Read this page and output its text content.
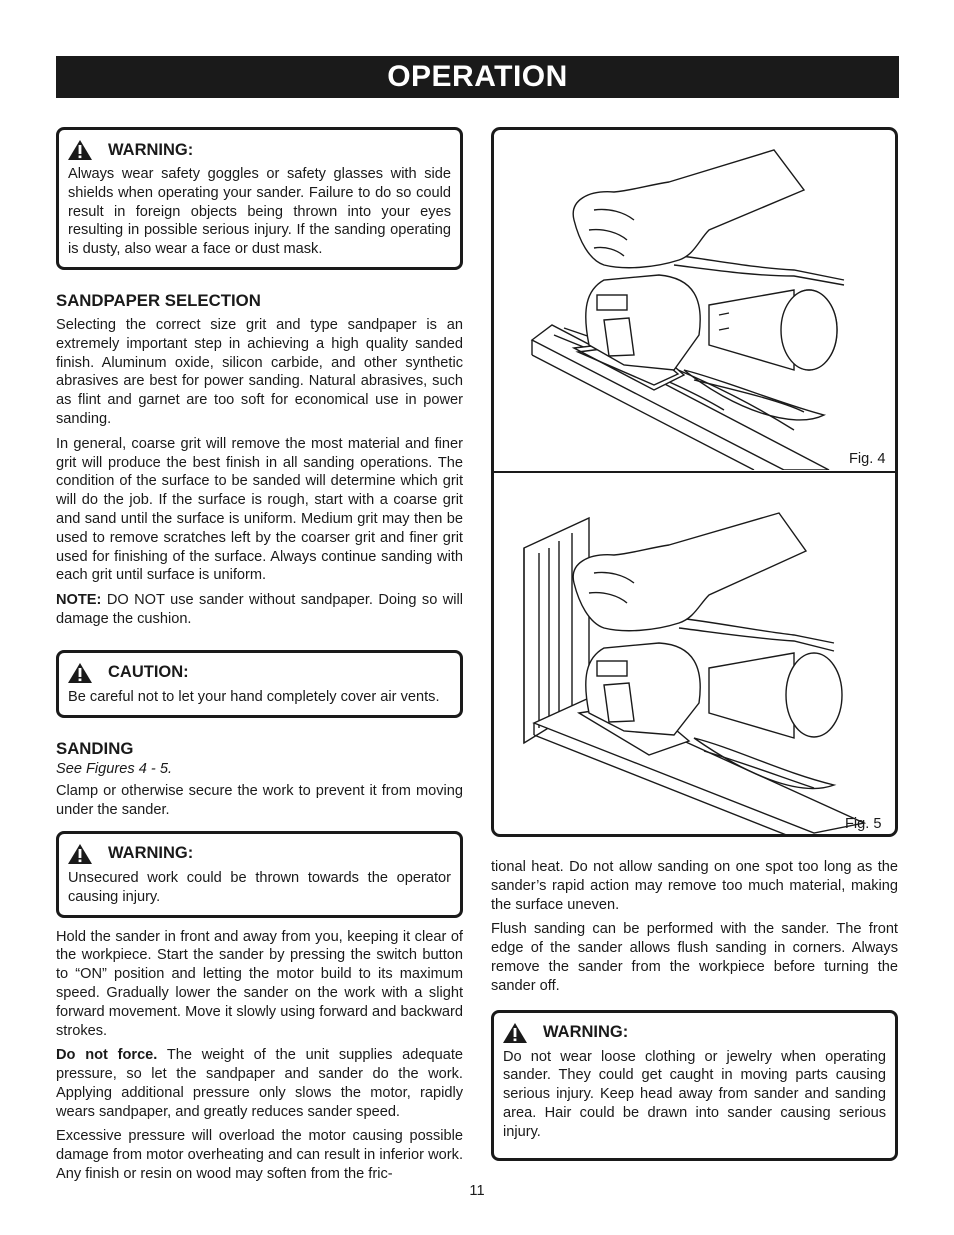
OPERATION
WARNING:

Always wear safety goggles or safety glasses with side shields when operating your sander. Failure to do so could result in foreign objects being thrown into your eyes resulting in possible serious injury. If the sanding operating is dusty, also wear a face or dust mask.

SANDPAPER SELECTION

Selecting the correct size grit and type sandpaper is an extremely important step in achieving a high quality sanded finish. Aluminum oxide, silicon carbide, and other synthetic abrasives are best for power sanding. Natural abrasives, such as flint and garnet are too soft for economical use in power sanding.

In general, coarse grit will remove the most material and finer grit will produce the best finish in all sanding operations. The condition of the surface to be sanded will determine which grit will do the job. If the surface is rough, start with a coarse grit and sand until the surface is uniform. Medium grit may then be used to remove scratches left by the coarser grit and finer grit used for finishing of the surface. Always continue sanding with each grit until surface is uniform.

NOTE: DO NOT use sander without sandpaper. Doing so will damage the cushion.

CAUTION:

Be careful not to let your hand completely cover air vents.

SANDING
See Figures 4 - 5.

Clamp or otherwise secure the work to prevent it from moving under the sander.

WARNING:

Unsecured work could be thrown towards the operator causing injury.

Hold the sander in front and away from you, keeping it clear of the workpiece. Start the sander by pressing the switch button to “ON” position and letting the motor build to its maximum speed. Gradually lower the sander on the work with a slight forward movement. Move it slowly using forward and backward strokes.

Do not force. The weight of the unit supplies adequate pressure, so let the sandpaper and sander do the work. Applying additional pressure only slows the motor, rapidly wears sandpaper, and greatly reduces sander speed.

Excessive pressure will overload the motor causing possible damage from motor overheating and can result in inferior work. Any finish or resin on wood may soften from the fric-

Fig. 4
Fig. 5

tional heat. Do not allow sanding on one spot too long as the sander’s rapid action may remove too much material, making the surface uneven.

Flush sanding can be performed with the sander. The front edge of the sander allows flush sanding in corners. Always remove the sander from the workpiece before turning the sander off.

WARNING:

Do not wear loose clothing or jewelry when operating sander. They could get caught in moving parts causing serious injury. Keep head away from sander and sanding area. Hair could be drawn into sander causing serious injury.

11
